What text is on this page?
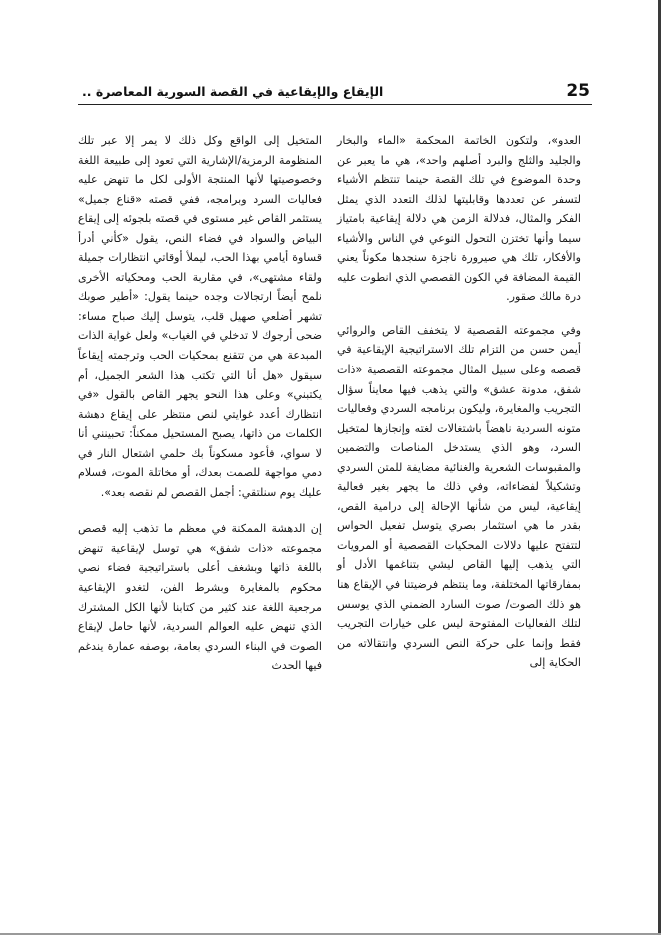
25
الإيقاع والإيقاعية في القصة السورية المعاصرة ..

العدو»، ولتكون الخاتمة المحكمة «الماء والبخار والجليد والثلج والبرد أصلهم واحد»، هي ما يعبر عن وحدة الموضوع في تلك القصة حينما تنتظم الأشياء لتسفر عن تعددها وقابليتها لذلك التعدد الذي يمثل الفكر والمثال، فدلالة الزمن هي دلالة إيقاعية بامتياز سيما وأنها تختزن التحول النوعي في الناس والأشياء والأفكار، تلك هي صيرورة ناجزة سنجدها مكوناً يعني القيمة المضافة في الكون القصصي الذي انطوت عليه درة مالك صقور.

وفي مجموعته القصصية لا يتخفف القاص والروائي أيمن حسن من التزام تلك الاستراتيجية الإيقاعية في قصصه وعلى سبيل المثال مجموعته القصصية «ذات شفق، مدونة عشق» والتي يذهب فيها معايناً سؤال التجريب والمغايرة، وليكون برنامجه السردي وفعاليات متونه السردية ناهضاً باشتغالات لغته وإنجازها لمتخيل السرد، وهو الذي يستدخل المناصات والتضمين والمقبوسات الشعرية والغنائية مضايفة للمتن السردي وتشكيلاً لفضاءاته، وفي ذلك ما يجهر بغير فعالية إيقاعية، ليس من شأنها الإحالة إلى درامية القص، بقدر ما هي استثمار بصري يتوسل تفعيل الحواس لتتفتح عليها دلالات المحكيات القصصية أو المرويات التي يذهب إليها القاص ليشي بتناغمها الأدل أو بمفارقاتها المختلفة، وما ينتظم فرضيتنا في الإيقاع هنا هو ذلك الصوت/ صوت السارد الضمني الذي يوسس لتلك الفعاليات المفتوحة ليس على خيارات التجريب فقط وإنما على حركة النص السردي وانتقالاته من الحكاية إلى

المتخيل إلى الواقع وكل ذلك لا يمر إلا عبر تلك المنظومة الرمزية/الإشارية التي تعود إلى طبيعة اللغة وخصوصيتها لأنها المنتجة الأولى لكل ما تنهض عليه فعاليات السرد وبرامجه، ففي قصته «قناع جميل» يستثمر القاص غير مستوى في قصته بلجوئه إلى إيقاع البياض والسواد في فضاء النص، يقول «كأني أدرأ قساوة أيامي بهذا الحب، ليملأ أوقاتي انتظارات جميلة ولقاء مشتهى»، في مقاربة الحب ومحكياته الأخرى نلمح أيضاً ارتجالات وجده حينما يقول: «أطير صوبك تشهر أضلعي صهيل قلب، يتوسل إليك صباح مساء: ضحى أرجوك لا تدخلي في الغياب» ولعل غواية الذات المبدعة هي من تتقنع بمحكيات الحب وترجمته إيقاعاً سيقول «هل أنا التي تكتب هذا الشعر الجميل، أم يكتبني» وعلى هذا النحو يجهر القاص بالقول «في انتظارك أعدد غوايتي لنص منتظر على إيقاع دهشة الكلمات من ذاتها، يصبح المستحيل ممكناً: تحبينني أنا لا سواي، فأعود مسكوناً بك حلمي اشتعال النار في دمي مواجهة للصمت بعدك، أو مخاتلة الموت، فسلام عليك يوم سنلتقي: أجمل القصص لم نقصه بعد».

إن الدهشة الممكنة في معظم ما تذهب إليه قصص مجموعته «ذات شفق» هي توسل لإيقاعية تنهض باللغة ذاتها وبشغف أعلى باستراتيجية فضاء نصي محكوم بالمغايرة وبشرط الفن، لتغدو الإيقاعية مرجعية اللغة عند كثير من كتابنا لأنها الكل المشترك الذي تنهض عليه العوالم السردية، لأنها حامل لإيقاع الصوت في البناء السردي بعامة، بوصفه عمارة يندغم فيها الحدث
